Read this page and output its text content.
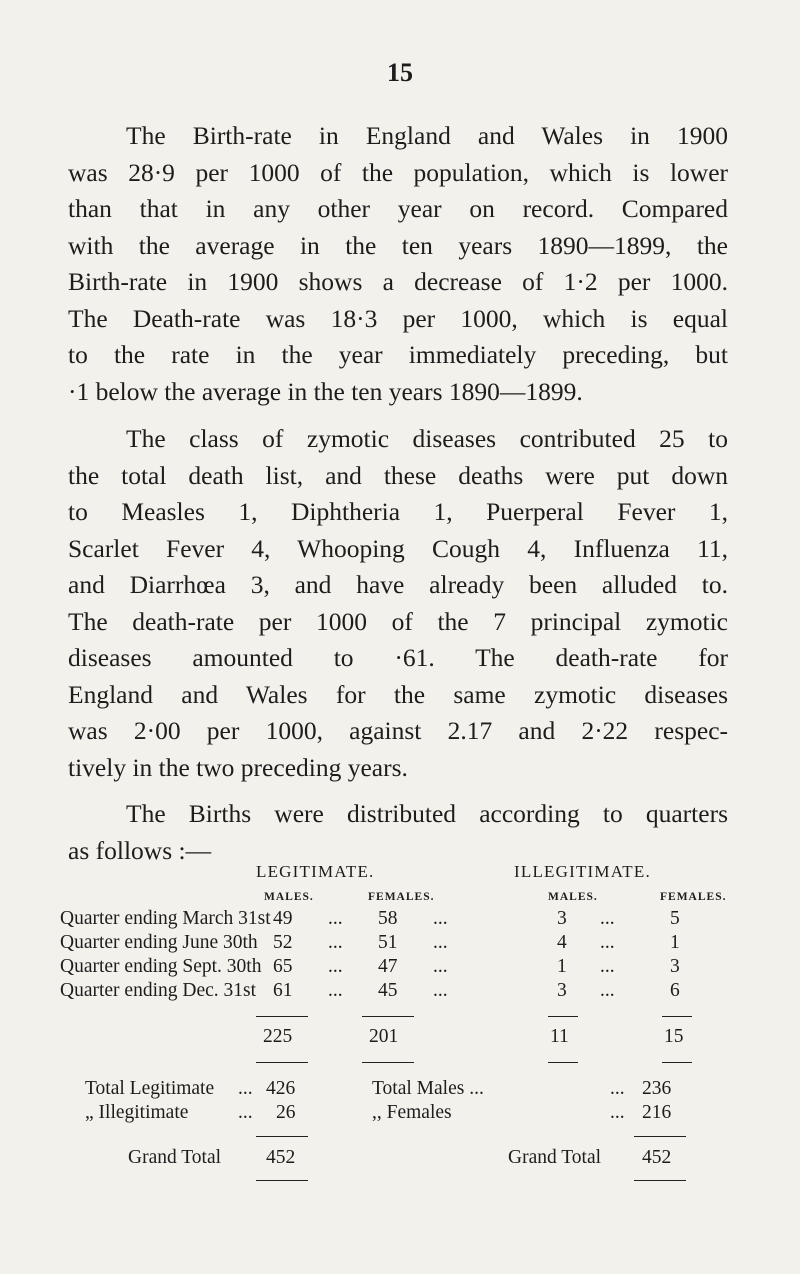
15
The Birth-rate in England and Wales in 1900
was 28·9 per 1000 of the population, which is lower
than that in any other year on record. Compared
with the average in the ten years 1890—1899, the
Birth-rate in 1900 shows a decrease of 1·2 per 1000.
The Death-rate was 18·3 per 1000, which is equal
to the rate in the year immediately preceding, but
·1 below the average in the ten years 1890—1899.
The class of zymotic diseases contributed 25 to
the total death list, and these deaths were put down
to Measles 1, Diphtheria 1, Puerperal Fever 1,
Scarlet Fever 4, Whooping Cough 4, Influenza 11,
and Diarrhœa 3, and have already been alluded to.
The death-rate per 1000 of the 7 principal zymotic
diseases amounted to ·61. The death-rate for
England and Wales for the same zymotic diseases
was 2·00 per 1000, against 2.17 and 2·22 respec-
tively in the two preceding years.
The Births were distributed according to quarters
as follows :—
LEGITIMATE.	ILLEGITIMATE.
MALES.	FEMALES.	MALES.	FEMALES.
Quarter ending March 31st 49 ... 58 ...	3 ...	5
Quarter ending June 30th 52 ... 51 ...	4 ...	1
Quarter ending Sept. 30th 65 ... 47 ...	1 ...	3
Quarter ending Dec. 31st 61 ... 45 ...	3 ...	6
225	201	11	15
Total Legitimate ... 426
„ Illegitimate	... 26
Total Males ...	... 236
,, Females	... 216
Grand Total 452	Grand Total 452
